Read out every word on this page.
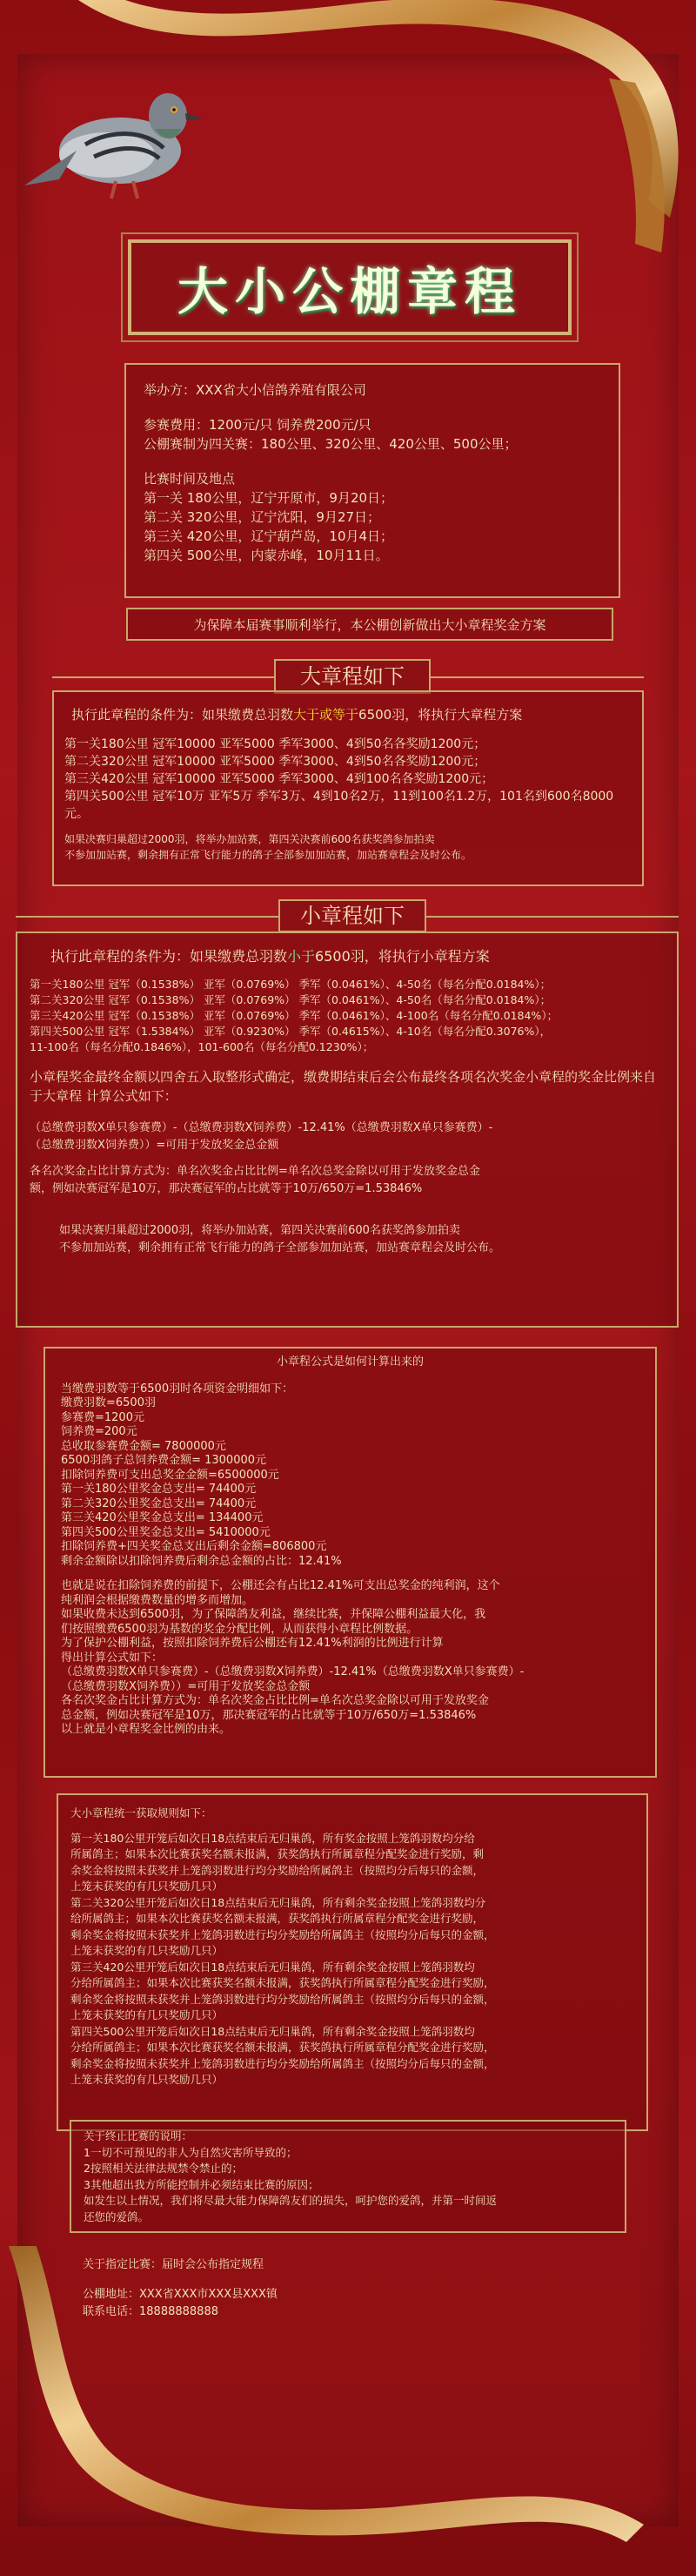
大小公棚章程

举办方：XXX省大小信鸽养殖有限公司

参赛费用：1200元/只 饲养费200元/只

公棚赛制为四关赛：180公里、320公里、420公里、500公里；

比赛时间及地点

第一关 180公里，辽宁开原市，9月20日；

第二关 320公里，辽宁沈阳，9月27日；

第三关 420公里，辽宁葫芦岛，10月4日；

第四关 500公里，内蒙赤峰，10月11日。

为保障本届赛事顺利举行，本公棚创新做出大小章程奖金方案
大章程如下

执行此章程的条件为：如果缴费总羽数大于或等于6500羽，将执行大章程方案

第一关180公里 冠军10000 亚军5000 季军3000、4到50名各奖励1200元；

第二关320公里 冠军10000 亚军5000 季军3000、4到50名各奖励1200元；

第三关420公里 冠军10000 亚军5000 季军3000、4到100名各奖励1200元；

第四关500公里 冠军10万 亚军5万 季军3万、4到10名2万，11到100名1.2万，101名到600名8000元。

如果决赛归巢超过2000羽，将举办加站赛，第四关决赛前600名获奖鸽参加拍卖
不参加加站赛，剩余拥有正常飞行能力的鸽子全部参加加站赛，加站赛章程会及时公布。

小章程如下

执行此章程的条件为：如果缴费总羽数小于6500羽，将执行小章程方案

第一关180公里 冠军（0.1538%） 亚军（0.0769%） 季军（0.0461%）、4-50名（每名分配0.0184%）；

第二关320公里 冠军（0.1538%） 亚军（0.0769%） 季军（0.0461%）、4-50名（每名分配0.0184%）；

第三关420公里 冠军（0.1538%） 亚军（0.0769%） 季军（0.0461%）、4-100名（每名分配0.0184%）；

第四关500公里 冠军（1.5384%） 亚军（0.9230%） 季军（0.4615%）、4-10名（每名分配0.3076%），

11-100名（每名分配0.1846%），101-600名（每名分配0.1230%）；

小章程奖金最终金额以四舍五入取整形式确定，缴费期结束后会公布最终各项名次奖金小章程的奖金比例来自于大章程 计算公式如下：

（总缴费羽数X单只参赛费）-（总缴费羽数X饲养费）-12.41%（总缴费羽数X单只参赛费）-

（总缴费羽数X饲养费））=可用于发放奖金总金额

各名次奖金占比计算方式为：单名次奖金占比比例=单名次总奖金除以可用于发放奖金总金

额，例如决赛冠军是10万，那决赛冠军的占比就等于10万/650万=1.53846%

如果决赛归巢超过2000羽，将举办加站赛，第四关决赛前600名获奖鸽参加拍卖

不参加加站赛，剩余拥有正常飞行能力的鸽子全部参加加站赛，加站赛章程会及时公布。

小章程公式是如何计算出来的

当缴费羽数等于6500羽时各项资金明细如下：

缴费羽数=6500羽

参赛费=1200元

饲养费=200元

总收取参赛费金额= 7800000元

6500羽鸽子总饲养费金额= 1300000元

扣除饲养费可支出总奖金金额=6500000元

第一关180公里奖金总支出= 74400元

第二关320公里奖金总支出= 74400元

第三关420公里奖金总支出= 134400元

第四关500公里奖金总支出= 5410000元

扣除饲养费+四关奖金总支出后剩余金额=806800元

剩余金额除以扣除饲养费后剩余总金额的占比：12.41%

也就是说在扣除饲养费的前提下，公棚还会有占比12.41%可支出总奖金的纯利润，这个

纯利润会根据缴费数量的增多而增加。

如果收费未达到6500羽，为了保障鸽友利益，继续比赛，并保障公棚利益最大化，我

们按照缴费6500羽为基数的奖金分配比例，从而获得小章程比例数据。

为了保护公棚利益，按照扣除饲养费后公棚还有12.41%利润的比例进行计算

得出计算公式如下：

（总缴费羽数X单只参赛费）-（总缴费羽数X饲养费）-12.41%（总缴费羽数X单只参赛费）-

（总缴费羽数X饲养费））=可用于发放奖金总金额

各名次奖金占比计算方式为：单名次奖金占比比例=单名次总奖金除以可用于发放奖金

总金额，例如决赛冠军是10万，那决赛冠军的占比就等于10万/650万=1.53846%

以上就是小章程奖金比例的由来。

大小章程统一获取规则如下：

第一关180公里开笼后如次日18点结束后无归巢鸽，所有奖金按照上笼鸽羽数均分给

所属鸽主；如果本次比赛获奖名额未报满，获奖鸽执行所属章程分配奖金进行奖励，剩

余奖金将按照未获奖并上笼鸽羽数进行均分奖励给所属鸽主（按照均分后每只的金额，

上笼未获奖的有几只奖励几只）

第二关320公里开笼后如次日18点结束后无归巢鸽，所有剩余奖金按照上笼鸽羽数均分

给所属鸽主；如果本次比赛获奖名额未报满，获奖鸽执行所属章程分配奖金进行奖励，

剩余奖金将按照未获奖并上笼鸽羽数进行均分奖励给所属鸽主（按照均分后每只的金额，

上笼未获奖的有几只奖励几只）

第三关420公里开笼后如次日18点结束后无归巢鸽，所有剩余奖金按照上笼鸽羽数均

分给所属鸽主；如果本次比赛获奖名额未报满，获奖鸽执行所属章程分配奖金进行奖励，

剩余奖金将按照未获奖并上笼鸽羽数进行均分奖励给所属鸽主（按照均分后每只的金额，

上笼未获奖的有几只奖励几只）

第四关500公里开笼后如次日18点结束后无归巢鸽，所有剩余奖金按照上笼鸽羽数均

分给所属鸽主；如果本次比赛获奖名额未报满，获奖鸽执行所属章程分配奖金进行奖励，

剩余奖金将按照未获奖并上笼鸽羽数进行均分奖励给所属鸽主（按照均分后每只的金额，

上笼未获奖的有几只奖励几只）

关于终止比赛的说明：

1一切不可预见的非人为自然灾害所导致的；

2按照相关法律法规禁令禁止的；

3其他超出我方所能控制并必须结束比赛的原因；

如发生以上情况，我们将尽最大能力保障鸽友们的损失，呵护您的爱鸽，并第一时间返

还您的爱鸽。

关于指定比赛：届时会公布指定规程
公棚地址：XXX省XXX市XXX县XXX镇
联系电话：18888888888
